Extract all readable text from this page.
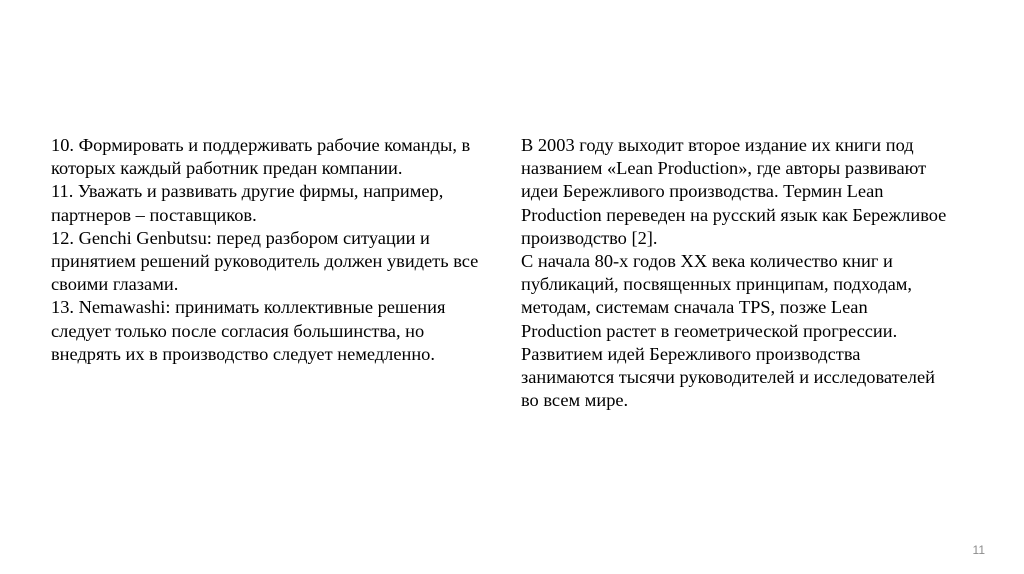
10. Формировать и поддерживать рабочие команды, в
которых каждый работник предан компании.
11. Уважать и развивать другие фирмы, например,
партнеров – поставщиков.
12. Genchi Genbutsu: перед разбором ситуации и
принятием решений руководитель должен увидеть все
своими глазами.
13. Nemawashi: принимать коллективные решения
следует только после согласия большинства, но
внедрять их в производство следует немедленно.
В 2003 году выходит второе издание их книги под
названием «Lean Production», где авторы развивают
идеи Бережливого производства. Термин Lean
Production переведен на русский язык как Бережливое
производство [2].
С начала 80-х годов XX века количество книг и
публикаций, посвященных принципам, подходам,
методам, системам сначала TPS, позже Lean
Production растет в геометрической прогрессии.
Развитием идей Бережливого производства
занимаются тысячи руководителей и исследователей
во всем мире.
11
